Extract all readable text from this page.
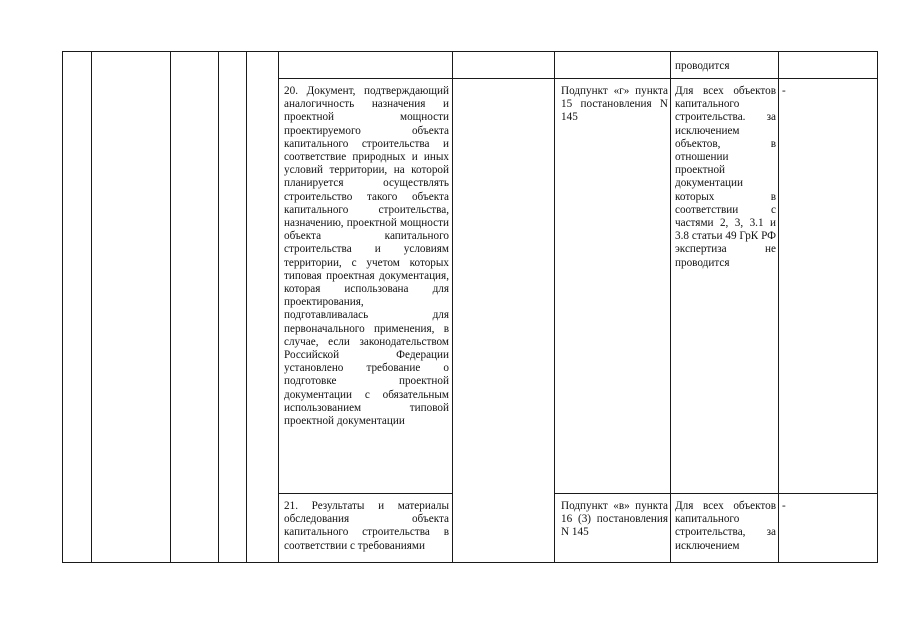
проводится
20. Документ, подтверждающий аналогичность назначения и проектной мощности проектируемого объекта капитального строительства и соответствие природных и иных условий территории, на которой планируется осуществлять строительство такого объекта капитального строительства, назначению, проектной мощности объекта капитального строительства и условиям территории, с учетом которых типовая проектная документация, которая использована для проектирования, подготавливалась для первоначального применения, в случае, если законодательством Российской Федерации установлено требование о подготовке проектной документации с обязательным использованием типовой проектной документации
Подпункт «г» пункта 15 постановления N 145
Для всех объектов капитального строительства. за исключением объектов, в отношении проектной документации которых в соответствии с частями 2, 3, 3.1 и 3.8 статьи 49 ГрК РФ экспертиза не проводится
-
21. Результаты и материалы обследования объекта капитального строительства в соответствии с требованиями
Подпункт «в» пункта 16 (3) постановления N 145
Для всех объектов капитального строительства, за исключением
-
